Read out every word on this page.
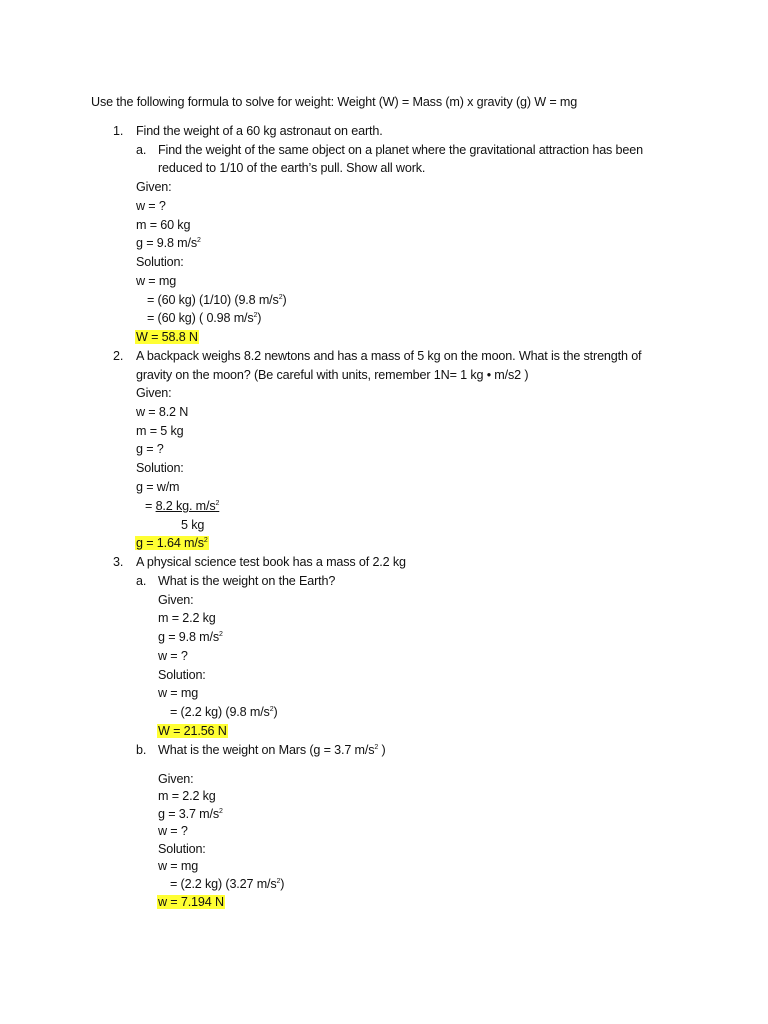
Use the following formula to solve for weight: Weight (W) = Mass (m) x gravity (g) W = mg
1. Find the weight of a 60 kg astronaut on earth.
a. Find the weight of the same object on a planet where the gravitational attraction has been
reduced to 1/10 of the earth’s pull. Show all work.
Given:
w = ?
m = 60 kg
g = 9.8 $m/s^2$
Solution:
w = mg
= (60 kg) (1/10) (9.8 $m/s^2$)
= (60 kg) ( 0.98 $m/s^2$)
W = 58.8 N
2. A backpack weighs 8.2 newtons and has a mass of 5 kg on the moon. What is the strength of
gravity on the moon? (Be careful with units, remember 1N= 1 kg • m/s2 )
Given:
w = 8.2 N
m = 5 kg
g = ?
Solution:
g = w/m
= 8.2 kg. $m/s^2$
5 kg
g = 1.64 $m/s^2$
3. A physical science test book has a mass of 2.2 kg
a. What is the weight on the Earth?
Given:
m = 2.2 kg
g = 9.8 $m/s^2$
w = ?
Solution:
w = mg
= (2.2 kg) (9.8 $m/s^2$)
W = 21.56 N
b. What is the weight on Mars (g = 3.7 $m/s^2$ )
Given:
m = 2.2 kg
g = 3.7 $m/s^2$
w = ?
Solution:
w = mg
= (2.2 kg) (3.27 $m/s^2$)
w = 7.194 N
